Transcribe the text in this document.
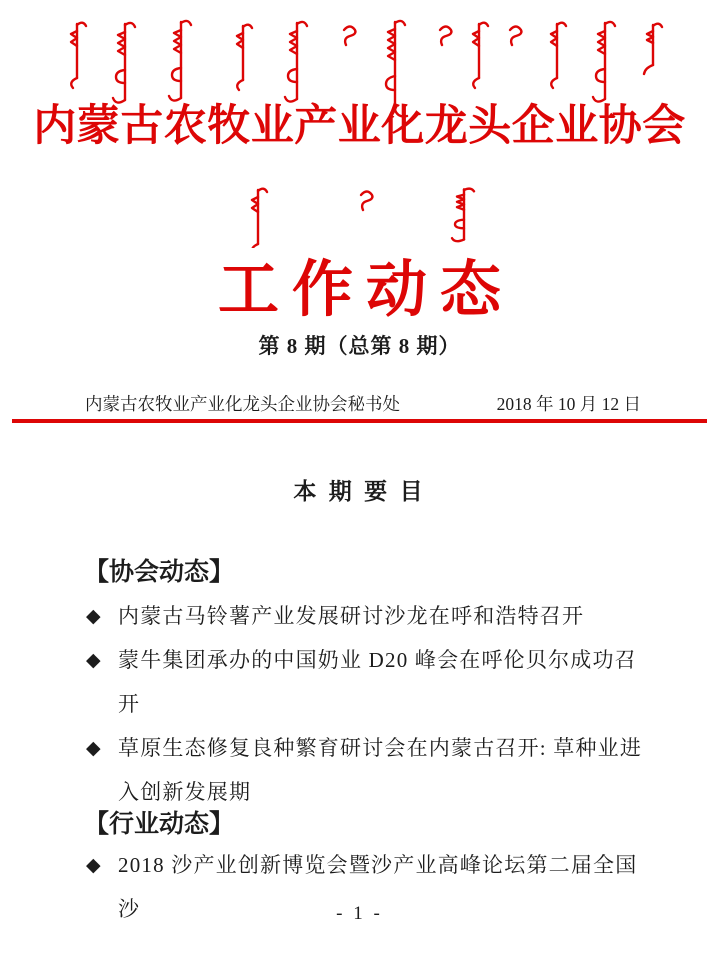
内蒙古农牧业产业化龙头企业协会
工作动态
第 8 期（总第 8 期）
内蒙古农牧业产业化龙头企业协会秘书处	2018 年 10 月 12 日
本 期 要 目
【协会动态】
◆ 内蒙古马铃薯产业发展研讨沙龙在呼和浩特召开
◆ 蒙牛集团承办的中国奶业 D20 峰会在呼伦贝尔成功召开
◆ 草原生态修复良种繁育研讨会在内蒙古召开: 草种业进入创新发展期
【行业动态】
◆ 2018 沙产业创新博览会暨沙产业高峰论坛第二届全国沙	- 1 -
